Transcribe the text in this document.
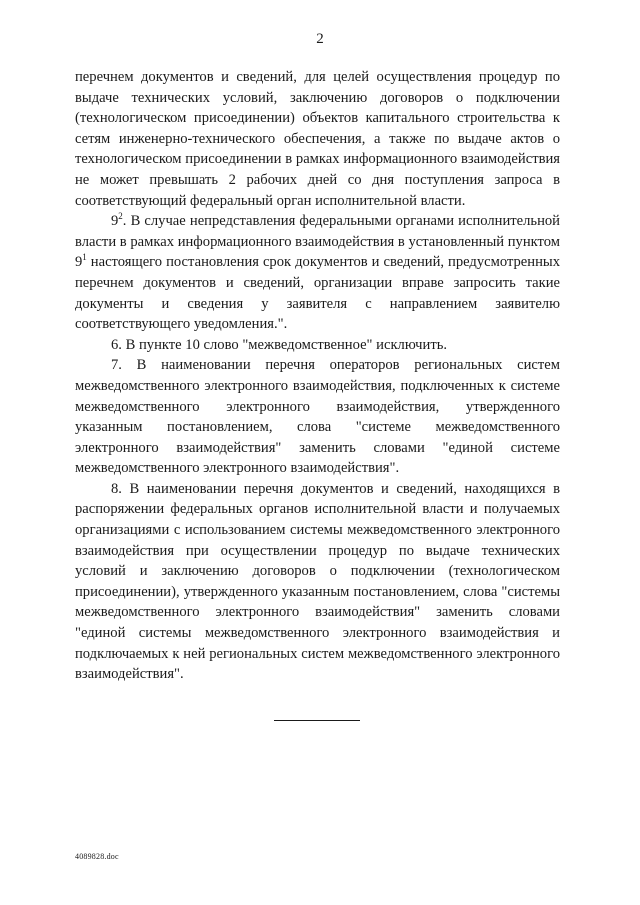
2

перечнем документов и сведений, для целей осуществления процедур по выдаче технических условий, заключению договоров о подключении (технологическом присоединении) объектов капитального строительства к сетям инженерно-технического обеспечения, а также по выдаче актов о технологическом присоединении в рамках информационного взаимодействия не может превышать 2 рабочих дней со дня поступления запроса в соответствующий федеральный орган исполнительной власти.

$9^2$. В случае непредставления федеральными органами исполнительной власти в рамках информационного взаимодействия в установленный пунктом $9^1$ настоящего постановления срок документов и сведений, предусмотренных перечнем документов и сведений, организации вправе запросить такие документы и сведения у заявителя с направлением заявителю соответствующего уведомления.".

6. В пункте 10 слово "межведомственное" исключить.

7. В наименовании перечня операторов региональных систем межведомственного электронного взаимодействия, подключенных к системе межведомственного электронного взаимодействия, утвержденного указанным постановлением, слова "системе межведомственного электронного взаимодействия" заменить словами "единой системе межведомственного электронного взаимодействия".

8. В наименовании перечня документов и сведений, находящихся в распоряжении федеральных органов исполнительной власти и получаемых организациями с использованием системы межведомственного электронного взаимодействия при осуществлении процедур по выдаче технических условий и заключению договоров о подключении (технологическом присоединении), утвержденного указанным постановлением, слова "системы межведомственного электронного взаимодействия" заменить словами "единой системы межведомственного электронного взаимодействия и подключаемых к ней региональных систем межведомственного электронного взаимодействия".

4089828.doc
